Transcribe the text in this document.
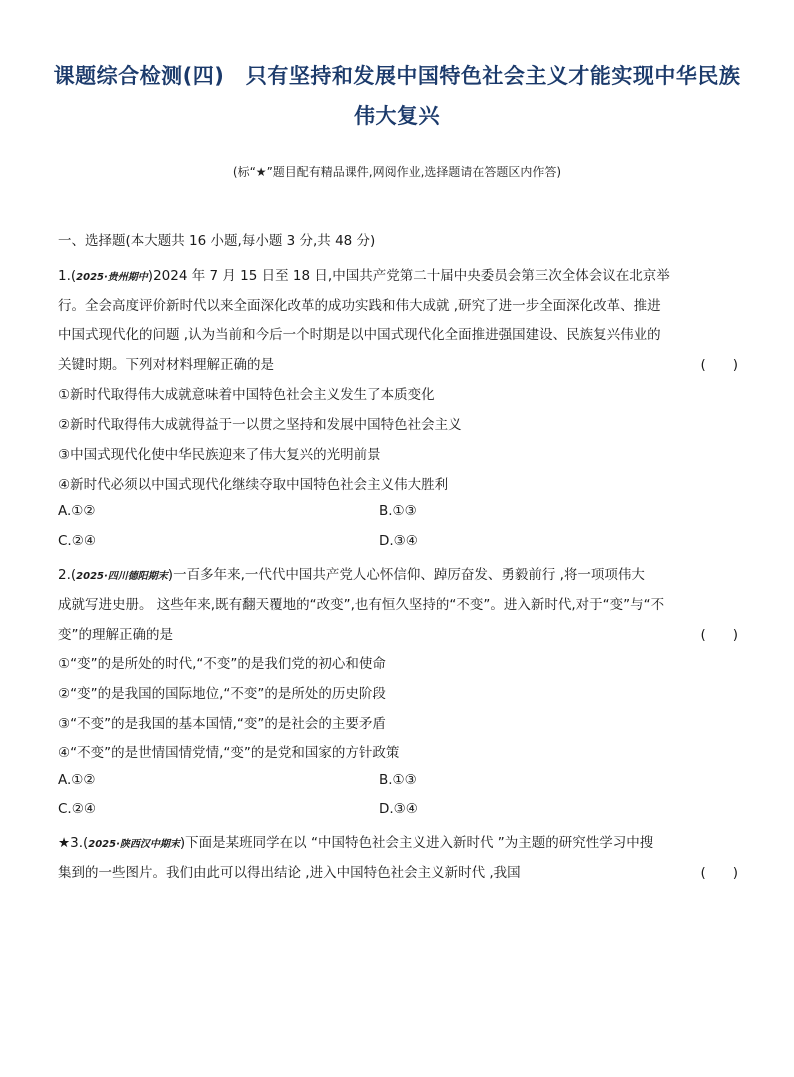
课题综合检测(四)　只有坚持和发展中国特色社会主义才能实现中华民族
伟大复兴
(标“★”题目配有精品课件,网阅作业,选择题请在答题区内作答)
一、选择题(本大题共 16 小题,每小题 3 分,共 48 分)
1.(2025·贵州期中)2024 年 7 月 15 日至 18 日,中国共产党第二十届中央委员会第三次全体会议在北京举
行。全会高度评价新时代以来全面深化改革的成功实践和伟大成就 ,研究了进一步全面深化改革、推进
中国式现代化的问题 ,认为当前和今后一个时期是以中国式现代化全面推进强国建设、民族复兴伟业的
关键时期。下列对材料理解正确的是	(　　)
①新时代取得伟大成就意味着中国特色社会主义发生了本质变化
②新时代取得伟大成就得益于一以贯之坚持和发展中国特色社会主义
③中国式现代化使中华民族迎来了伟大复兴的光明前景
④新时代必须以中国式现代化继续夺取中国特色社会主义伟大胜利
A.①②	B.①③
C.②④	D.③④
2.(2025·四川德阳期末)一百多年来,一代代中国共产党人心怀信仰、踔厉奋发、勇毅前行 ,将一项项伟大
成就写进史册。 这些年来,既有翻天覆地的“改变”,也有恒久坚持的“不变”。进入新时代,对于“变”与“不
变”的理解正确的是	(　　)
①“变”的是所处的时代,“不变”的是我们党的初心和使命
②“变”的是我国的国际地位,“不变”的是所处的历史阶段
③“不变”的是我国的基本国情,“变”的是社会的主要矛盾
④“不变”的是世情国情党情,“变”的是党和国家的方针政策
A.①②	B.①③
C.②④	D.③④
★3.(2025·陕西汉中期末)下面是某班同学在以 “中国特色社会主义进入新时代 ”为主题的研究性学习中搜
集到的一些图片。我们由此可以得出结论 ,进入中国特色社会主义新时代 ,我国	(　　)
